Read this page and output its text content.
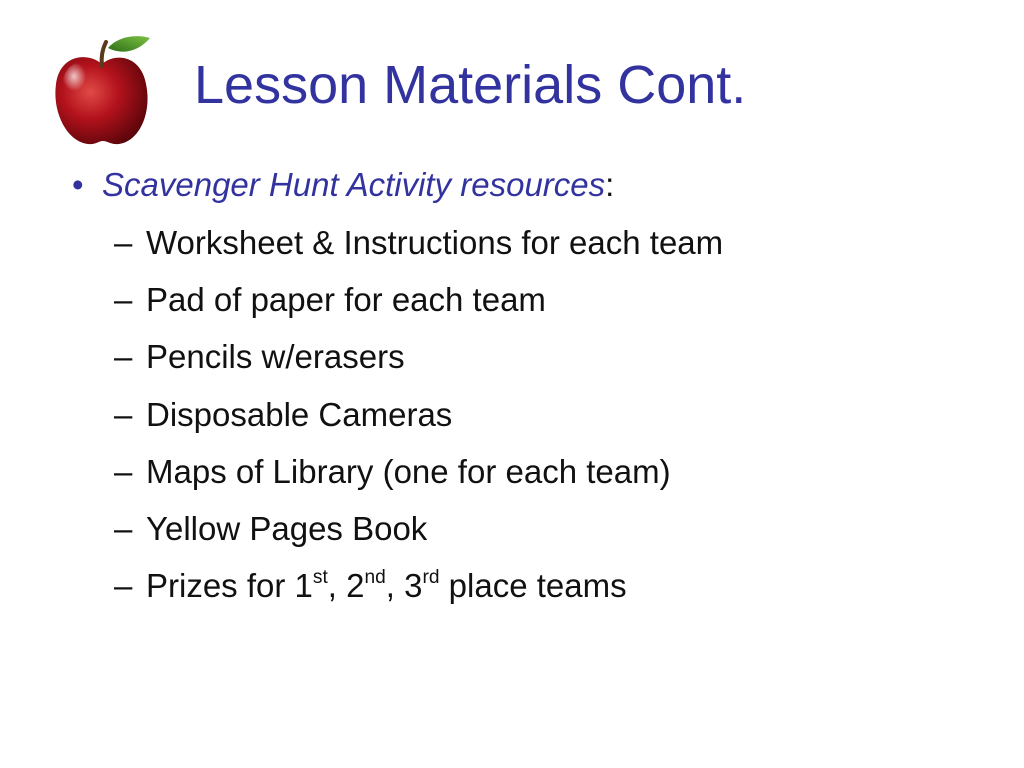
Lesson Materials Cont.
• Scavenger Hunt Activity resources:
– Worksheet & Instructions for each team
– Pad of paper for each team
– Pencils w/erasers
– Disposable Cameras
– Maps of Library (one for each team)
– Yellow Pages Book
– Prizes for 1st, 2nd, 3rd place teams
